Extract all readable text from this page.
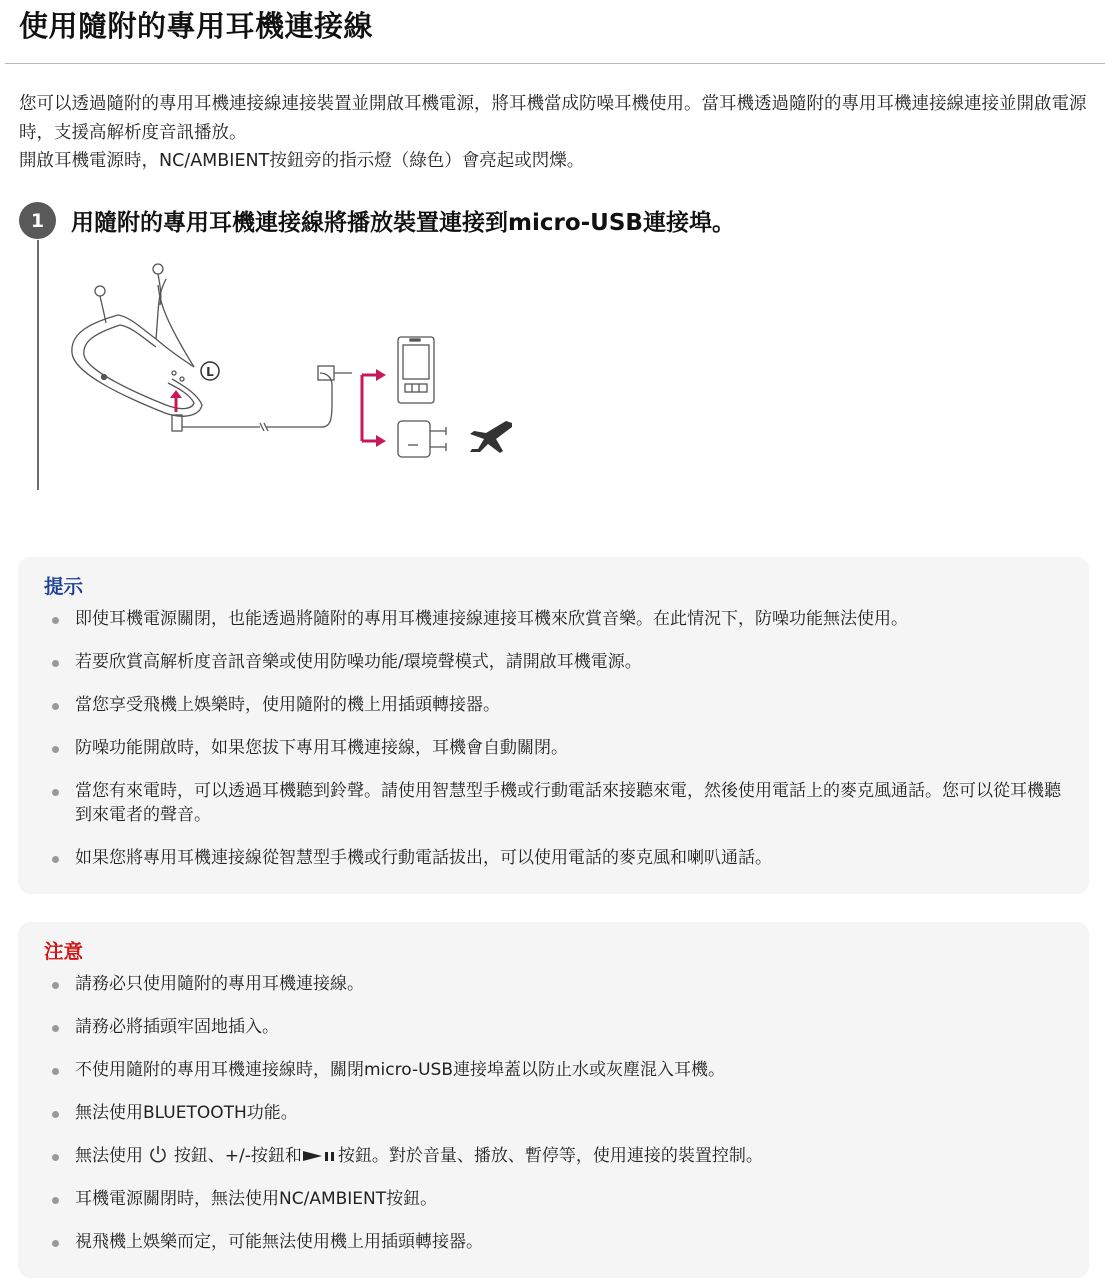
使用隨附的專用耳機連接線

您可以透過隨附的專用耳機連接線連接裝置並開啟耳機電源，將耳機當成防噪耳機使用。當耳機透過隨附的專用耳機連接線連接並開啟電源時，支援高解析度音訊播放。

開啟耳機電源時，NC/AMBIENT按鈕旁的指示燈（綠色）會亮起或閃爍。

1	用隨附的專用耳機連接線將播放裝置連接到micro-USB連接埠。

L
提示
即使耳機電源關閉，也能透過將隨附的專用耳機連接線連接耳機來欣賞音樂。在此情況下，防噪功能無法使用。
若要欣賞高解析度音訊音樂或使用防噪功能/環境聲模式，請開啟耳機電源。
當您享受飛機上娛樂時，使用隨附的機上用插頭轉接器。
防噪功能開啟時，如果您拔下專用耳機連接線，耳機會自動關閉。
當您有來電時，可以透過耳機聽到鈴聲。請使用智慧型手機或行動電話來接聽來電，然後使用電話上的麥克風通話。您可以從耳機聽到來電者的聲音。
如果您將專用耳機連接線從智慧型手機或行動電話拔出，可以使用電話的麥克風和喇叭通話。
注意
請務必只使用隨附的專用耳機連接線。
請務必將插頭牢固地插入。
不使用隨附的專用耳機連接線時，關閉micro-USB連接埠蓋以防止水或灰塵混入耳機。
無法使用BLUETOOTH功能。
無法使用 按鈕、+/-按鈕和 按鈕。對於音量、播放、暫停等，使用連接的裝置控制。
耳機電源關閉時，無法使用NC/AMBIENT按鈕。
視飛機上娛樂而定，可能無法使用機上用插頭轉接器。
